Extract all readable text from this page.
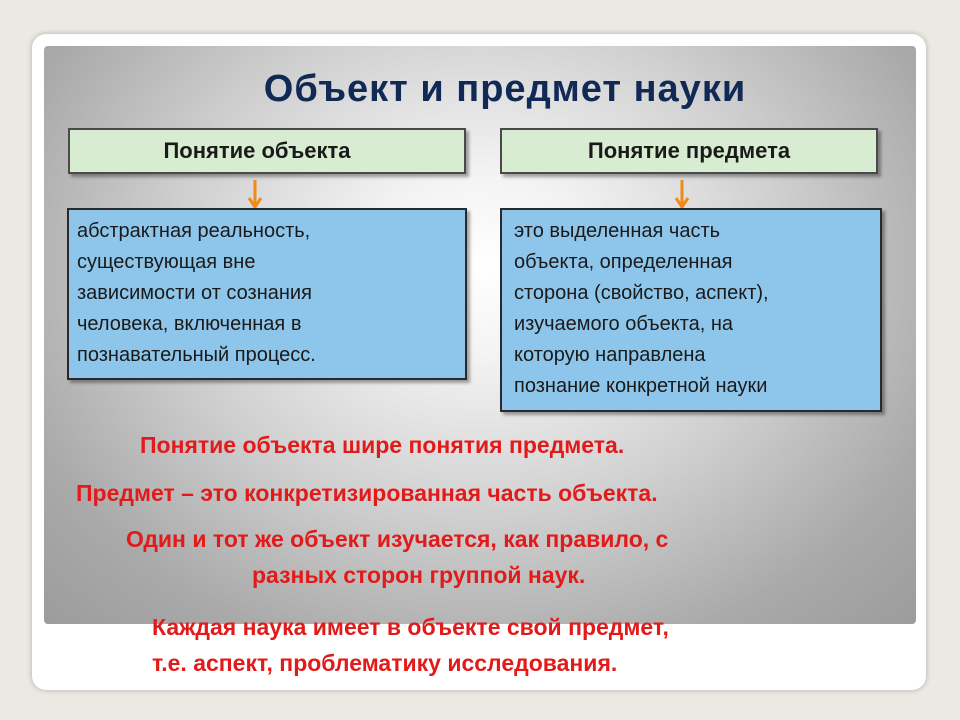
Объект и предмет науки
Понятие объекта	Понятие предмета
абстрактная реальность,
существующая вне
зависимости от сознания
человека, включенная в
познавательный процесс.
это выделенная часть
объекта, определенная
сторона (свойство, аспект),
изучаемого объекта, на
которую направлена
познание конкретной науки
Понятие объекта шире понятия предмета.
Предмет – это конкретизированная часть объекта.
Один и тот же объект изучается, как правило, с
разных сторон группой наук.
Каждая наука имеет в объекте свой предмет,
т.е. аспект, проблематику исследования.
